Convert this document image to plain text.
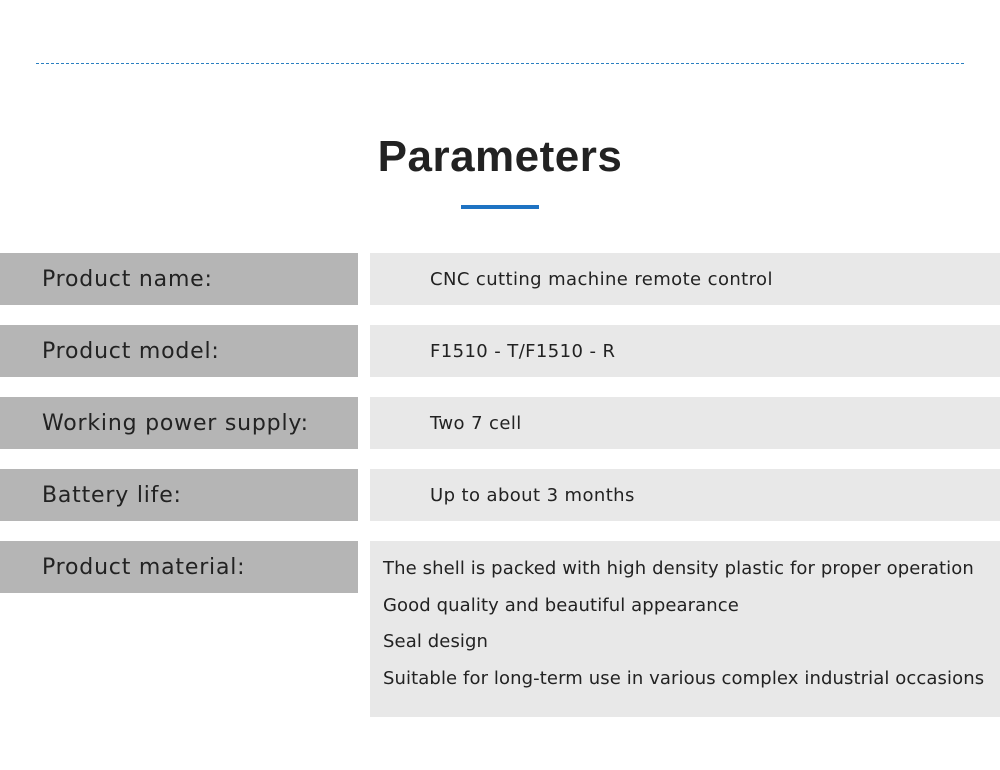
Parameters
Product name:	CNC cutting machine remote control
Product model:	F1510 - T/F1510 - R
Working power supply:	Two 7 cell
Battery life:	Up to about 3 months
Product material:	The shell is packed with high density plastic for proper operation
Good quality and beautiful appearance
Seal design
Suitable for long-term use in various complex industrial occasions
